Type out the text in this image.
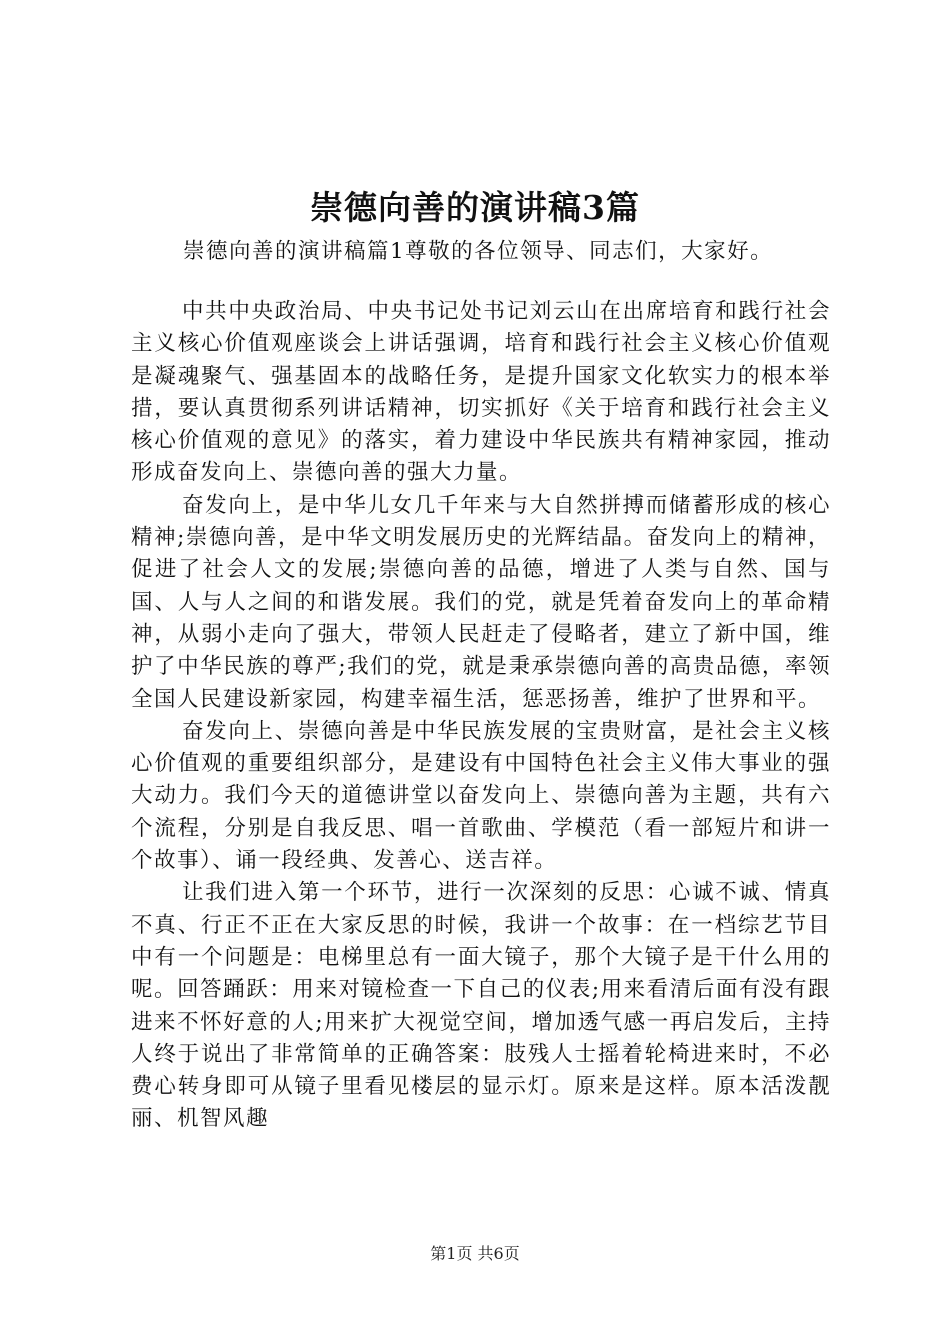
崇德向善的演讲稿3篇

崇德向善的演讲稿篇1尊敬的各位领导、同志们，大家好。

中共中央政治局、中央书记处书记刘云山在出席培育和践行社会主义核心价值观座谈会上讲话强调，培育和践行社会主义核心价值观是凝魂聚气、强基固本的战略任务，是提升国家文化软实力的根本举措，要认真贯彻系列讲话精神，切实抓好《关于培育和践行社会主义核心价值观的意见》的落实，着力建设中华民族共有精神家园，推动形成奋发向上、崇德向善的强大力量。

奋发向上，是中华儿女几千年来与大自然拼搏而储蓄形成的核心精神;崇德向善，是中华文明发展历史的光辉结晶。奋发向上的精神，促进了社会人文的发展;崇德向善的品德，增进了人类与自然、国与国、人与人之间的和谐发展。我们的党，就是凭着奋发向上的革命精神，从弱小走向了强大，带领人民赶走了侵略者，建立了新中国，维护了中华民族的尊严;我们的党，就是秉承崇德向善的高贵品德，率领全国人民建设新家园，构建幸福生活，惩恶扬善，维护了世界和平。

奋发向上、崇德向善是中华民族发展的宝贵财富，是社会主义核心价值观的重要组织部分，是建设有中国特色社会主义伟大事业的强大动力。我们今天的道德讲堂以奋发向上、崇德向善为主题，共有六个流程，分别是自我反思、唱一首歌曲、学模范（看一部短片和讲一个故事）、诵一段经典、发善心、送吉祥。

让我们进入第一个环节，进行一次深刻的反思：心诚不诚、情真不真、行正不正在大家反思的时候，我讲一个故事：在一档综艺节目中有一个问题是：电梯里总有一面大镜子，那个大镜子是干什么用的呢。回答踊跃：用来对镜检查一下自己的仪表;用来看清后面有没有跟进来不怀好意的人;用来扩大视觉空间，增加透气感一再启发后，主持人终于说出了非常简单的正确答案：肢残人士摇着轮椅进来时，不必费心转身即可从镜子里看见楼层的显示灯。原来是这样。原本活泼靓丽、机智风趣

第1页 共6页
